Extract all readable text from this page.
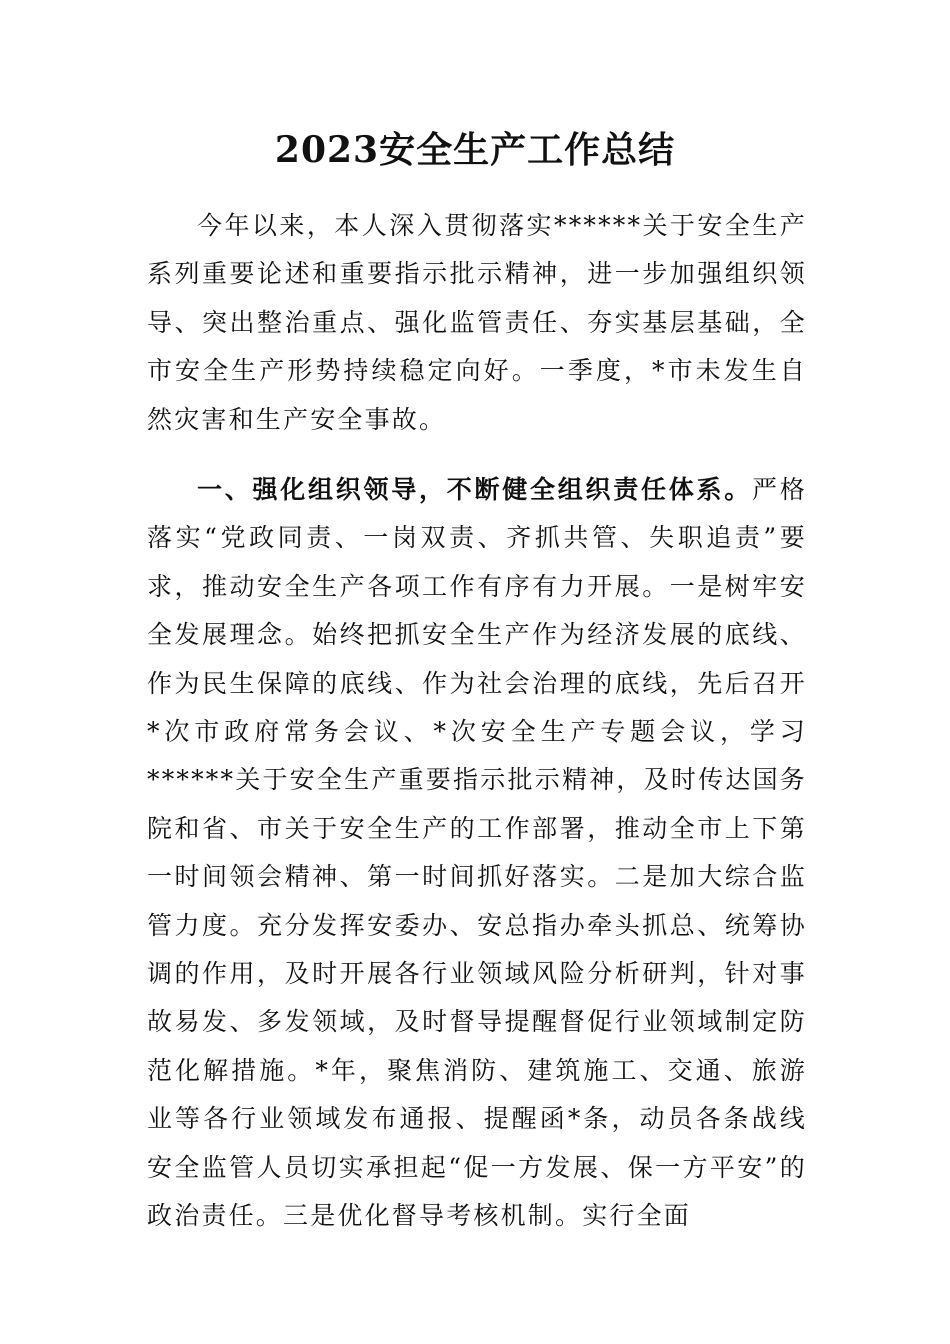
2023安全生产工作总结

今年以来，本人深入贯彻落实******关于安全生产系列重要论述和重要指示批示精神，进一步加强组织领导、突出整治重点、强化监管责任、夯实基层基础，全市安全生产形势持续稳定向好。一季度，*市未发生自然灾害和生产安全事故。

一、强化组织领导，不断健全组织责任体系。严格落实“党政同责、一岗双责、齐抓共管、失职追责”要求，推动安全生产各项工作有序有力开展。一是树牢安全发展理念。始终把抓安全生产作为经济发展的底线、作为民生保障的底线、作为社会治理的底线，先后召开*次市政府常务会议、*次安全生产专题会议，学习******关于安全生产重要指示批示精神，及时传达国务院和省、市关于安全生产的工作部署，推动全市上下第一时间领会精神、第一时间抓好落实。二是加大综合监管力度。充分发挥安委办、安总指办牵头抓总、统筹协调的作用，及时开展各行业领域风险分析研判，针对事故易发、多发领域，及时督导提醒督促行业领域制定防范化解措施。*年，聚焦消防、建筑施工、交通、旅游业等各行业领域发布通报、提醒函*条，动员各条战线安全监管人员切实承担起“促一方发展、保一方平安”的政治责任。三是优化督导考核机制。实行全面
